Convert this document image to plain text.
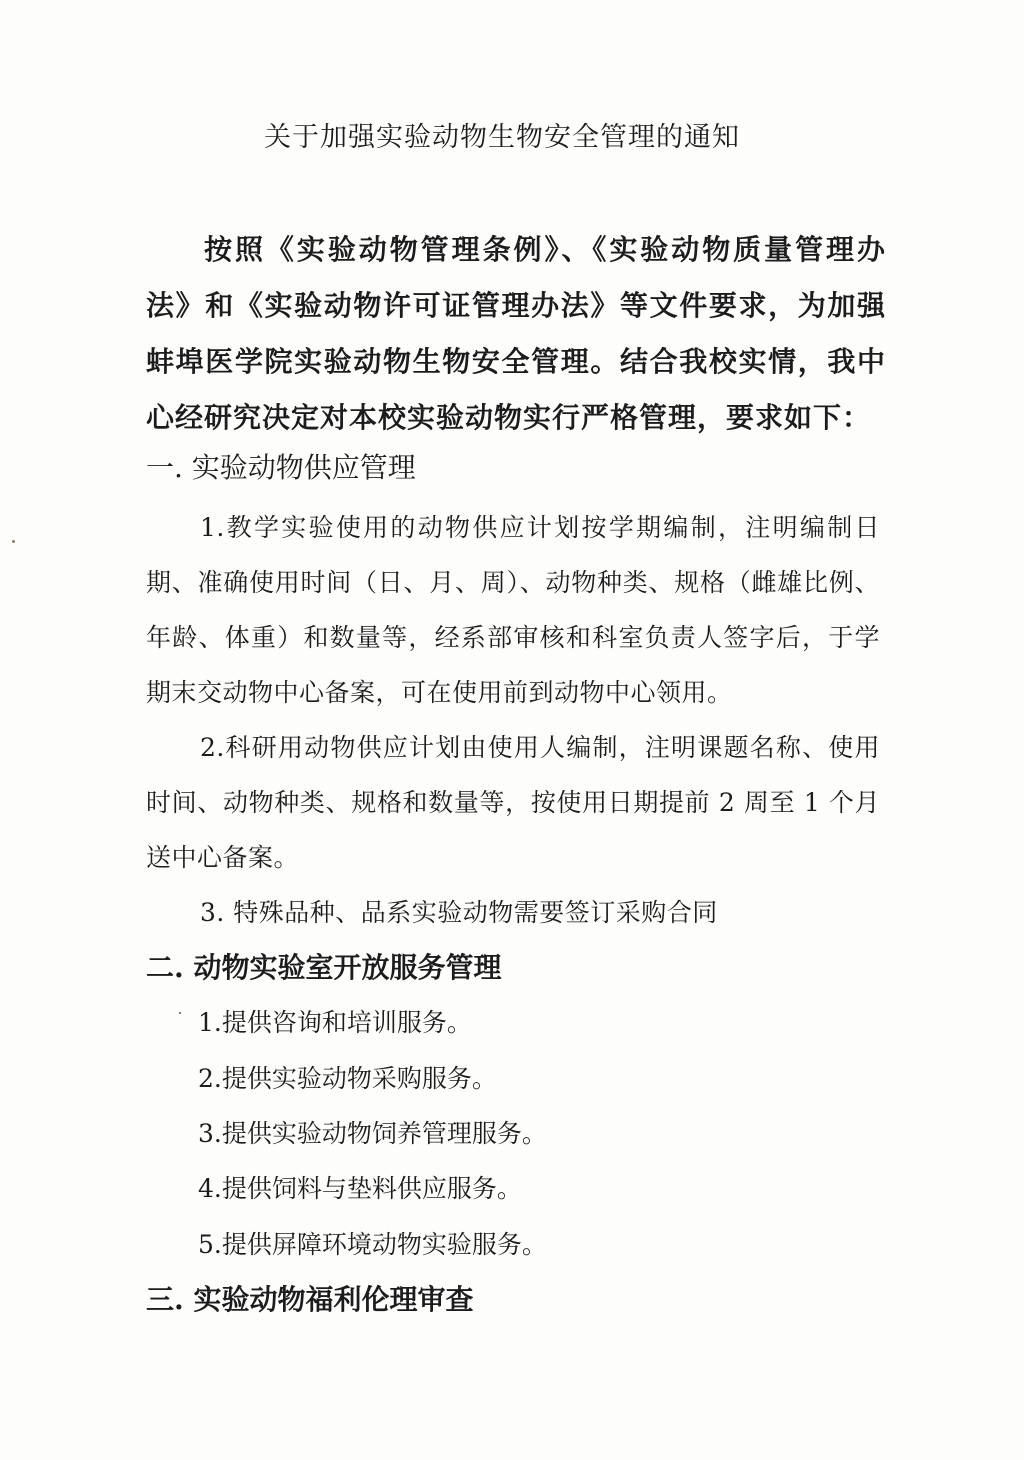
关于加强实验动物生物安全管理的通知

按照《实验动物管理条例》、《实验动物质量管理办法》和《实验动物许可证管理办法》等文件要求，为加强蚌埠医学院实验动物生物安全管理。结合我校实情，我中心经研究决定对本校实验动物实行严格管理，要求如下：

一. 实验动物供应管理

1.教学实验使用的动物供应计划按学期编制，注明编制日期、准确使用时间（日、月、周）、动物种类、规格（雌雄比例、年龄、体重）和数量等，经系部审核和科室负责人签字后，于学期末交动物中心备案，可在使用前到动物中心领用。

2.科研用动物供应计划由使用人编制，注明课题名称、使用时间、动物种类、规格和数量等，按使用日期提前 2 周至 1 个月送中心备案。

3. 特殊品种、品系实验动物需要签订采购合同

二. 动物实验室开放服务管理
1.提供咨询和培训服务。
2.提供实验动物采购服务。
3.提供实验动物饲养管理服务。
4.提供饲料与垫料供应服务。
5.提供屏障环境动物实验服务。
三. 实验动物福利伦理审查
